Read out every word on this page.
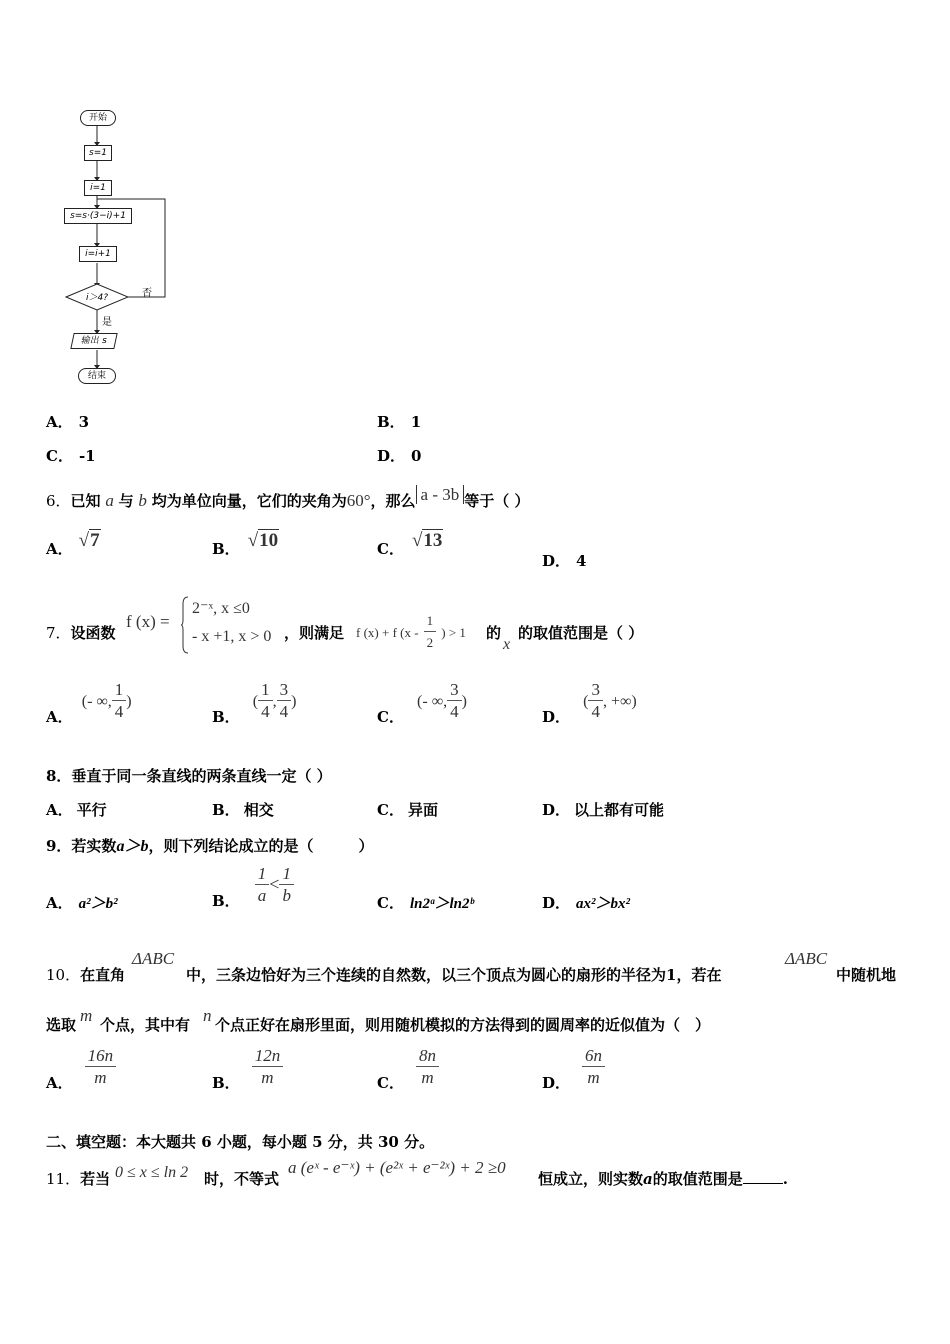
开始
s=1
i=1
s=s·(3−i)+1
i=i+1
i＞4?	否
是
输出 s
结束
A． 3	B． 1
C． -1	D． 0
6．已知 a 与 b 均为单位向量，它们的夹角为60°，那么 a - 3b 等于（ ）
A． √7	B． √10	C． √13
D． 4
7．设函数
f (x) =
2⁻ˣ, x ≤0
- x +1, x > 0 ，则满足 f (x) + f ($x - \frac{1}{2}$ ) > 1 的
x
的取值范围是（ ）
A． (- ∞, $\frac{1}{4}$ )
B． ( $\frac{1}{4}$ , $\frac{3}{4}$ )
C． (- ∞, $\frac{3}{4}$ )
D． ( $\frac{3}{4}$ , +∞)
8．垂直于同一条直线的两条直线一定（ ）
A． 平行	B． 相交	C． 异面	D． 以上都有可能
9．若实数a＞b，则下列结论成立的是（　　　）
A． a²＞b²	B． $\frac{1}{a} < \frac{1}{b}$	C． ln2ᵃ＞ln2ᵇ	D． ax²＞bx²
10．在直角
ΔABC
中，三条边恰好为三个连续的自然数，以三个顶点为圆心的扇形的半径为1，若在
ΔABC
中随机地
选取 m 个点，其中有 n 个点正好在扇形里面，则用随机模拟的方法得到的圆周率的近似值为（　）
A． $\frac{16n}{m}$	B． $\frac{12n}{m}$	C． $\frac{8n}{m}$	D． $\frac{6n}{m}$
二、填空题：本大题共 6 小题，每小题 5 分，共 30 分。
11．若当 0 ≤ x ≤ ln 2 时，不等式
a (eˣ - e⁻ˣ) + (e²ˣ + e⁻²ˣ) + 2 ≥0
恒成立，则实数a的取值范围是	.
